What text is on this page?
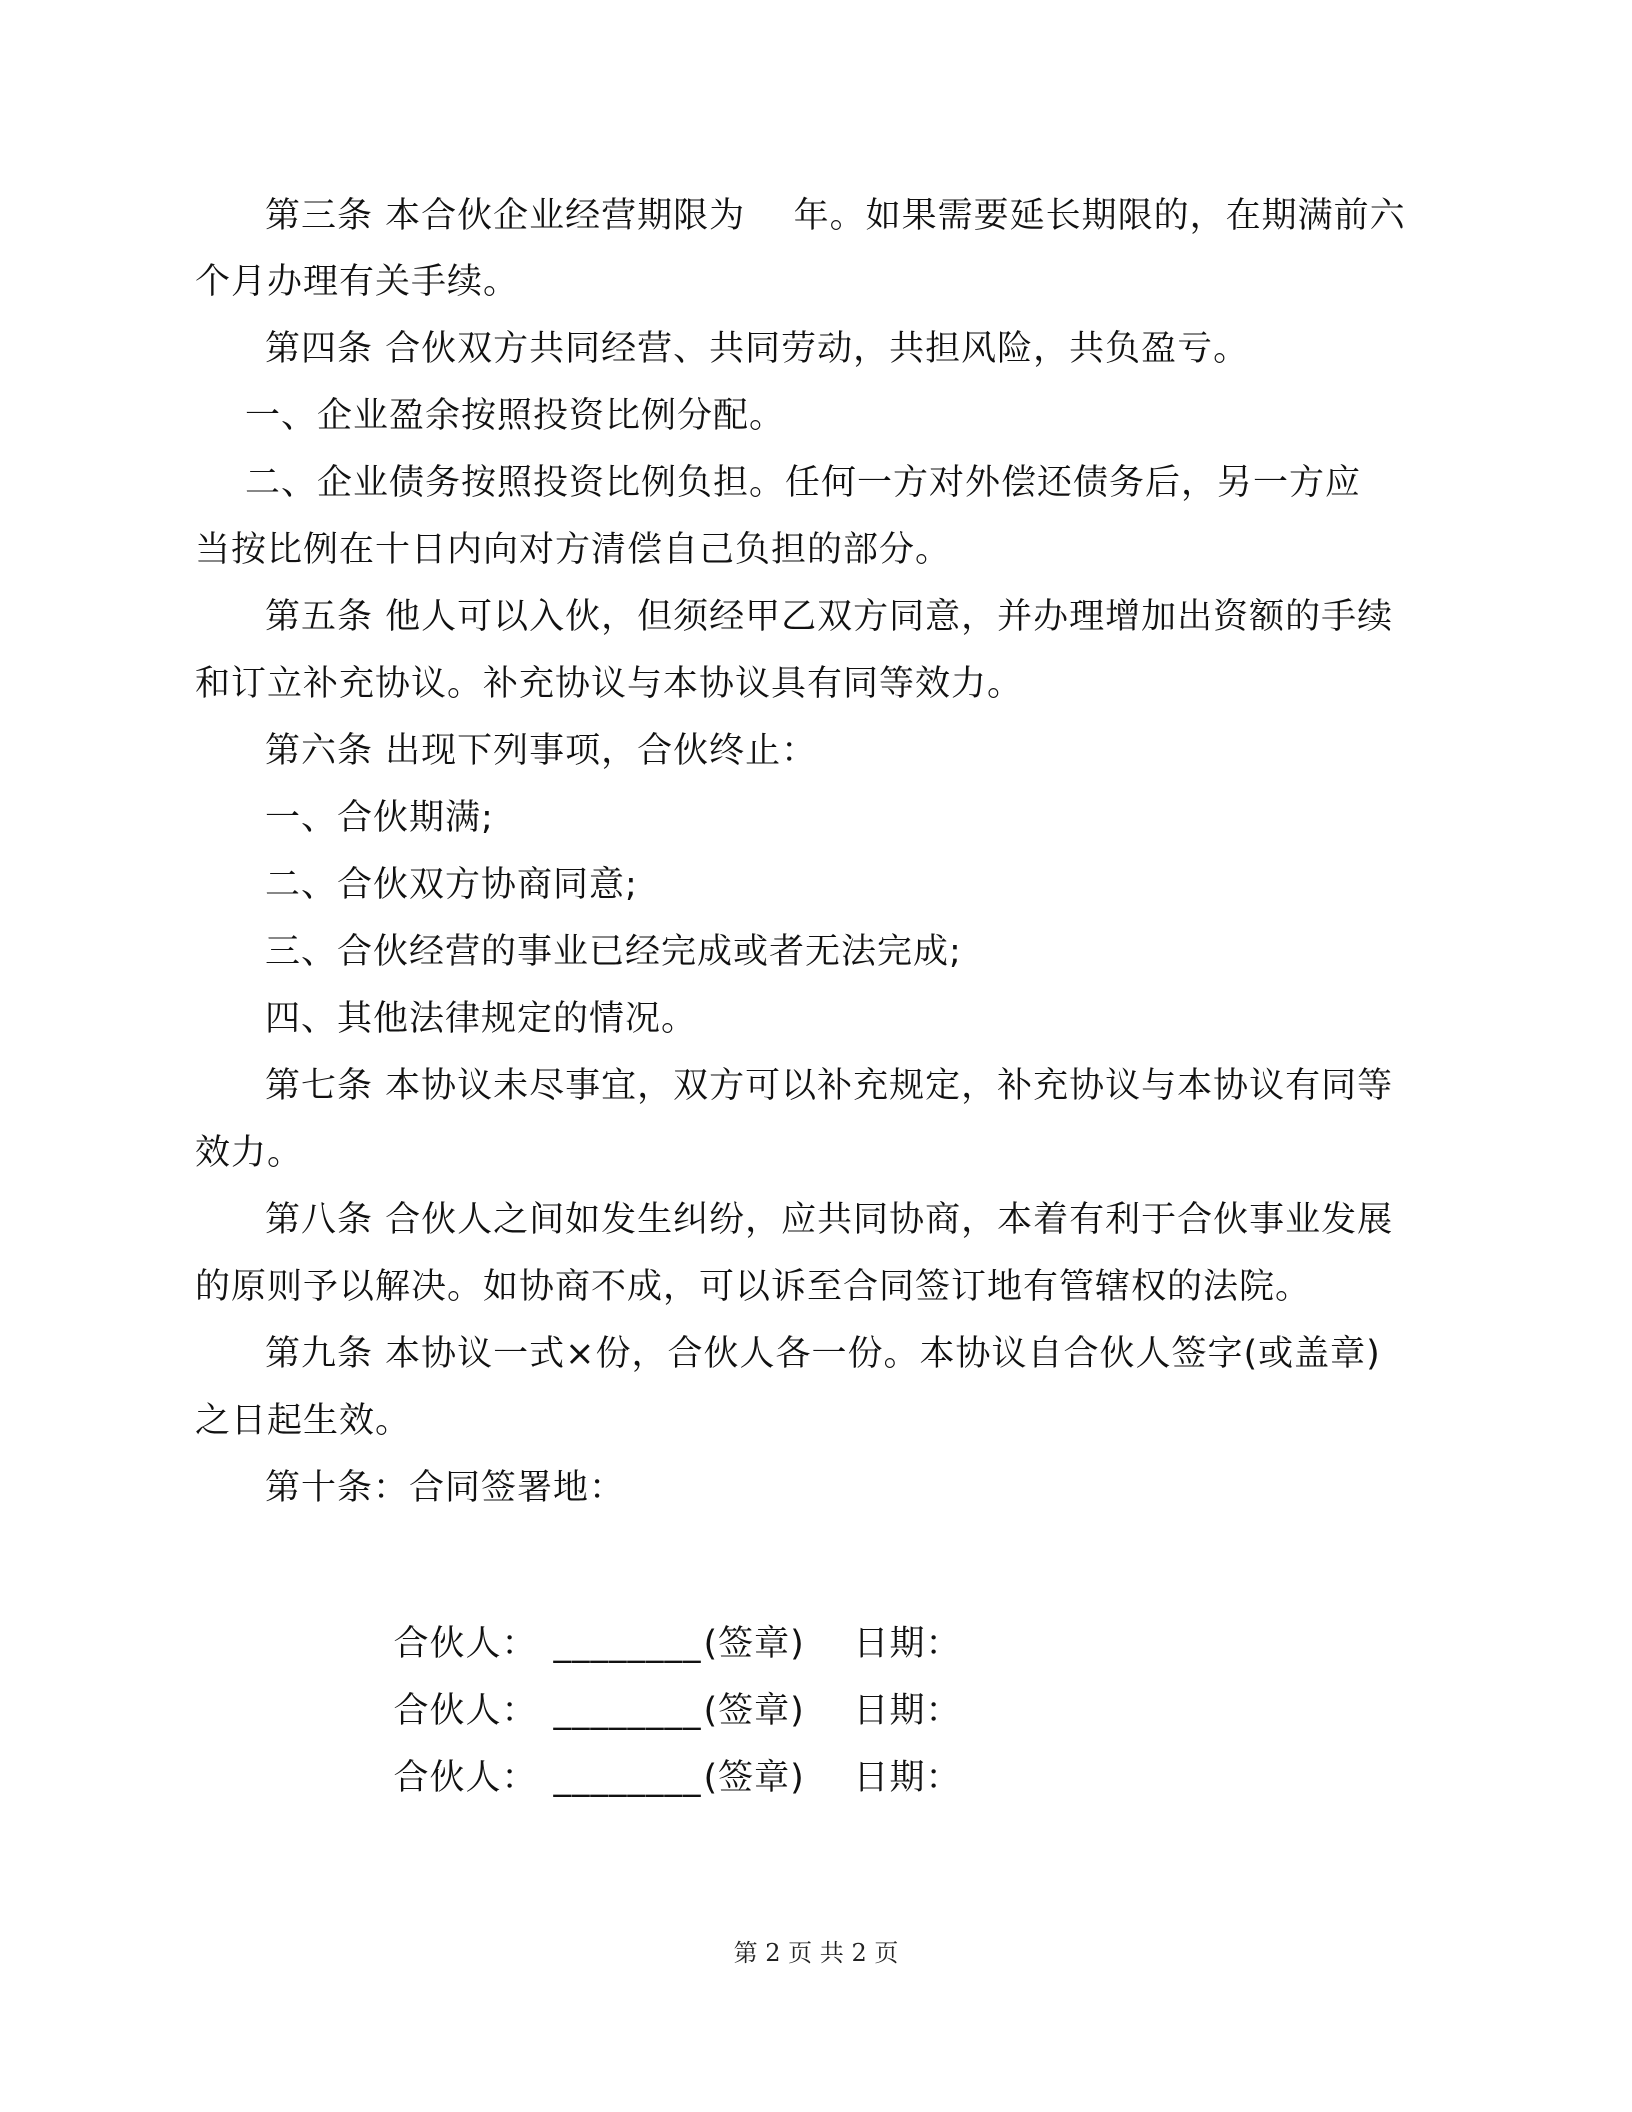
第三条 本合伙企业经营期限为    年。如果需要延长期限的，在期满前六
个月办理有关手续。
第四条 合伙双方共同经营、共同劳动，共担风险，共负盈亏。
一、企业盈余按照投资比例分配。
二、企业债务按照投资比例负担。任何一方对外偿还债务后，另一方应
当按比例在十日内向对方清偿自己负担的部分。
第五条 他人可以入伙，但须经甲乙双方同意，并办理增加出资额的手续
和订立补充协议。补充协议与本协议具有同等效力。
第六条 出现下列事项，合伙终止：
一、合伙期满;
二、合伙双方协商同意;
三、合伙经营的事业已经完成或者无法完成;
四、其他法律规定的情况。
第七条 本协议未尽事宜，双方可以补充规定，补充协议与本协议有同等
效力。
第八条 合伙人之间如发生纠纷，应共同协商，本着有利于合伙事业发展
的原则予以解决。如协商不成，可以诉至合同签订地有管辖权的法院。
第九条 本协议一式×份，合伙人各一份。本协议自合伙人签字(或盖章)
之日起生效。
第十条：合同签署地：

合伙人： ________(签章) 日期：

合伙人： ________(签章) 日期：

合伙人： ________(签章) 日期：

第 2 页 共 2 页
